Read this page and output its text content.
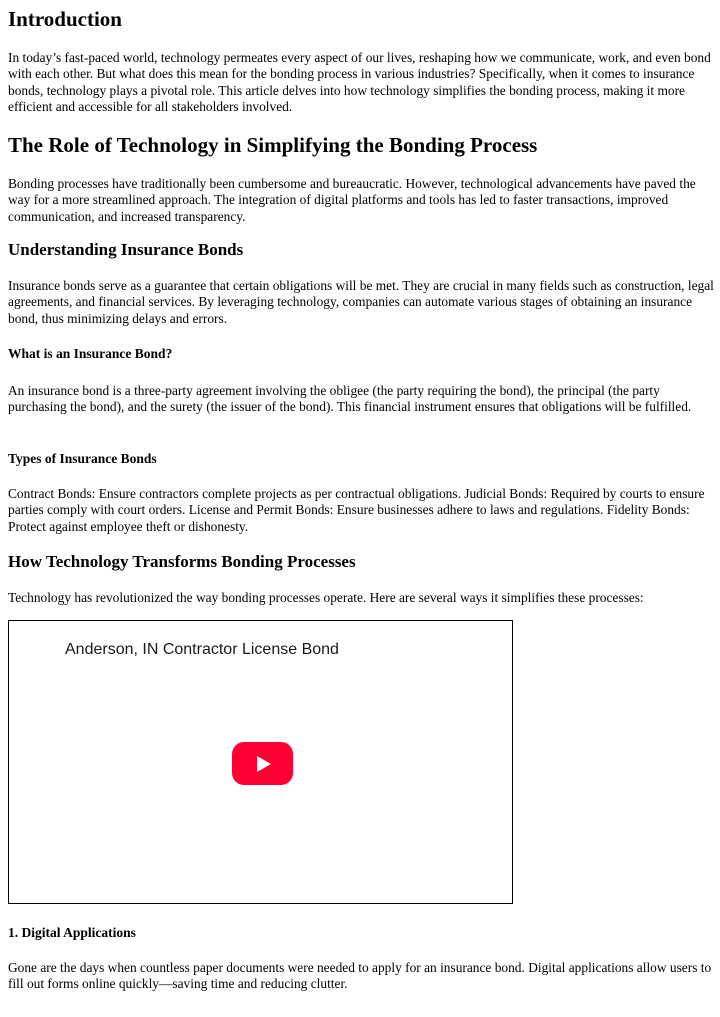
Introduction

In today’s fast-paced world, technology permeates every aspect of our lives, reshaping how we communicate, work, and even bond with each other. But what does this mean for the bonding process in various industries? Specifically, when it comes to insurance bonds, technology plays a pivotal role. This article delves into how technology simplifies the bonding process, making it more efficient and accessible for all stakeholders involved.

The Role of Technology in Simplifying the Bonding Process

Bonding processes have traditionally been cumbersome and bureaucratic. However, technological advancements have paved the way for a more streamlined approach. The integration of digital platforms and tools has led to faster transactions, improved communication, and increased transparency.

Understanding Insurance Bonds

Insurance bonds serve as a guarantee that certain obligations will be met. They are crucial in many fields such as construction, legal agreements, and financial services. By leveraging technology, companies can automate various stages of obtaining an insurance bond, thus minimizing delays and errors.

What is an Insurance Bond?

An insurance bond is a three-party agreement involving the obligee (the party requiring the bond), the principal (the party purchasing the bond), and the surety (the issuer of the bond). This financial instrument ensures that obligations will be fulfilled.

Types of Insurance Bonds

Contract Bonds: Ensure contractors complete projects as per contractual obligations. Judicial Bonds: Required by courts to ensure parties comply with court orders. License and Permit Bonds: Ensure businesses adhere to laws and regulations. Fidelity Bonds: Protect against employee theft or dishonesty.

How Technology Transforms Bonding Processes

Technology has revolutionized the way bonding processes operate. Here are several ways it simplifies these processes:

Anderson, IN Contractor License Bond
1. Digital Applications

Gone are the days when countless paper documents were needed to apply for an insurance bond. Digital applications allow users to fill out forms online quickly—saving time and reducing clutter.
